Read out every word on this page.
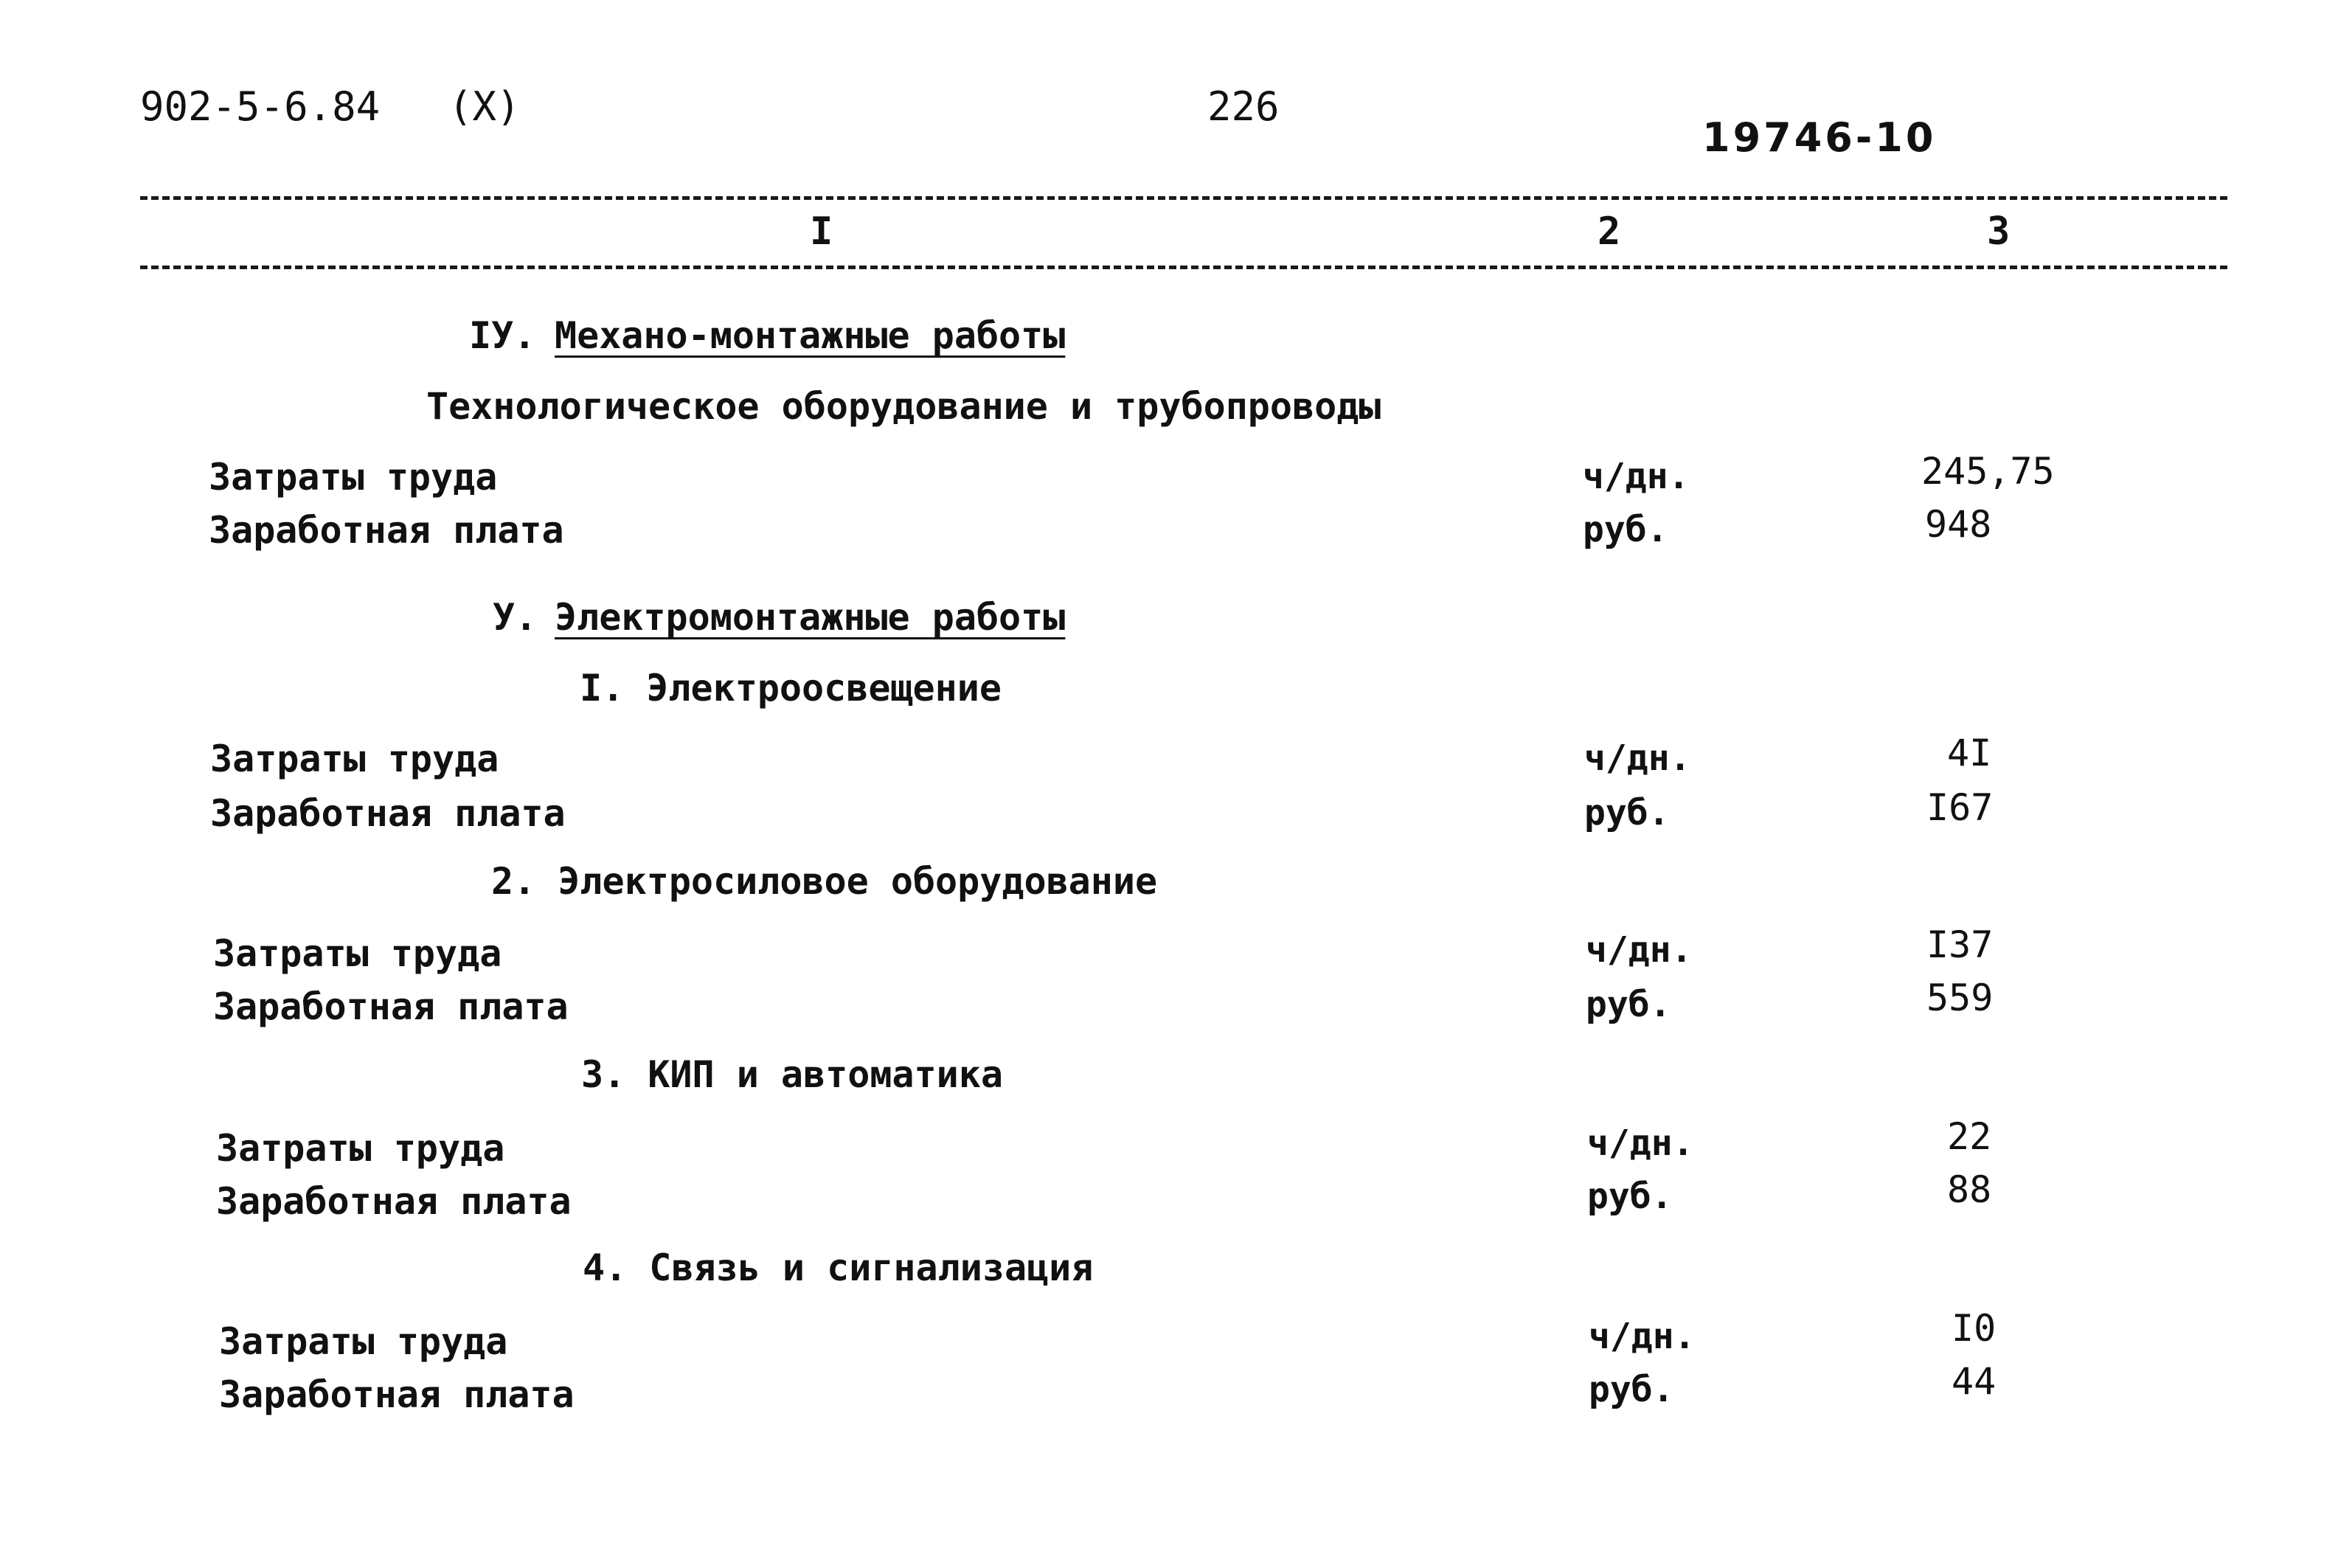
902-5-6.84 (X)	226
19746-10
I	2	3
IУ. Механо-монтажные работы
Технологическое оборудование и трубопроводы
Затраты труда	ч/дн.	245,75
Заработная плата	руб.	948
У. Электромонтажные работы
I. Электроосвещение
Затраты труда	ч/дн.	4I
Заработная плата	руб.	I67
2. Электросиловое оборудование
Затраты труда	ч/дн.	I37
Заработная плата	руб.	559
3. КИП и автоматика
Затраты труда	ч/дн.	22
Заработная плата	руб.	88
4. Связь и сигнализация
Затраты труда	ч/дн.	I0
Заработная плата	руб.	44
